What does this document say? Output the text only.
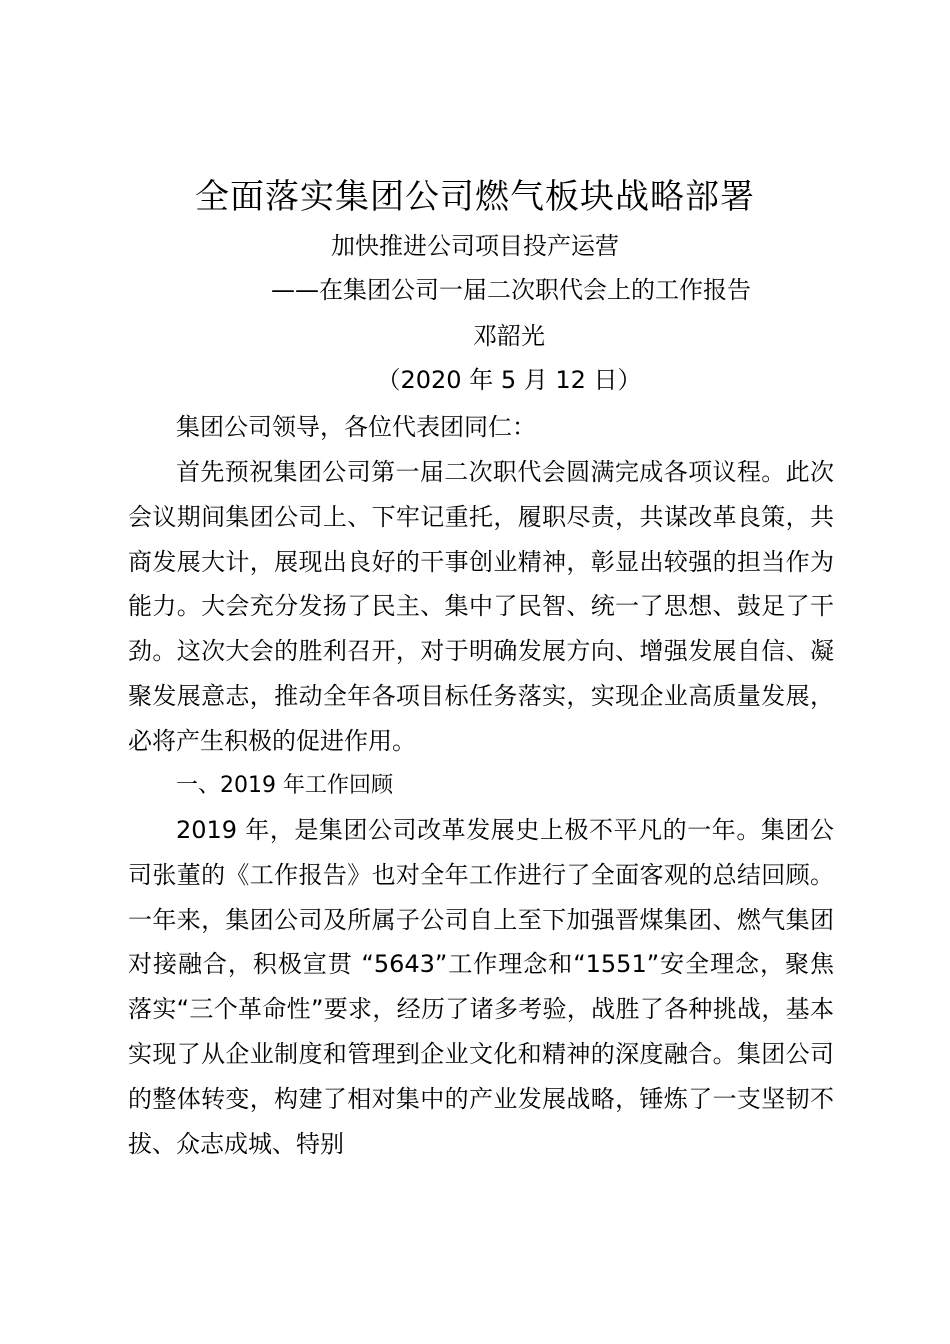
全面落实集团公司燃气板块战略部署
加快推进公司项目投产运营
——在集团公司一届二次职代会上的工作报告
邓韶光
（2020 年 5 月 12 日）
集团公司领导，各位代表团同仁：
首先预祝集团公司第一届二次职代会圆满完成各项议程。此次会议期间集团公司上、下牢记重托，履职尽责，共谋改革良策，共商发展大计，展现出良好的干事创业精神，彰显出较强的担当作为能力。大会充分发扬了民主、集中了民智、统一了思想、鼓足了干劲。这次大会的胜利召开，对于明确发展方向、增强发展自信、凝聚发展意志，推动全年各项目标任务落实，实现企业高质量发展，必将产生积极的促进作用。
一、2019 年工作回顾
2019 年，是集团公司改革发展史上极不平凡的一年。集团公司张董的《工作报告》也对全年工作进行了全面客观的总结回顾。一年来，集团公司及所属子公司自上至下加强晋煤集团、燃气集团对接融合，积极宣贯 “5643”工作理念和“1551”安全理念，聚焦落实“三个革命性”要求，经历了诸多考验，战胜了各种挑战，基本实现了从企业制度和管理到企业文化和精神的深度融合。集团公司的整体转变，构建了相对集中的产业发展战略，锤炼了一支坚韧不拔、众志成城、特别
